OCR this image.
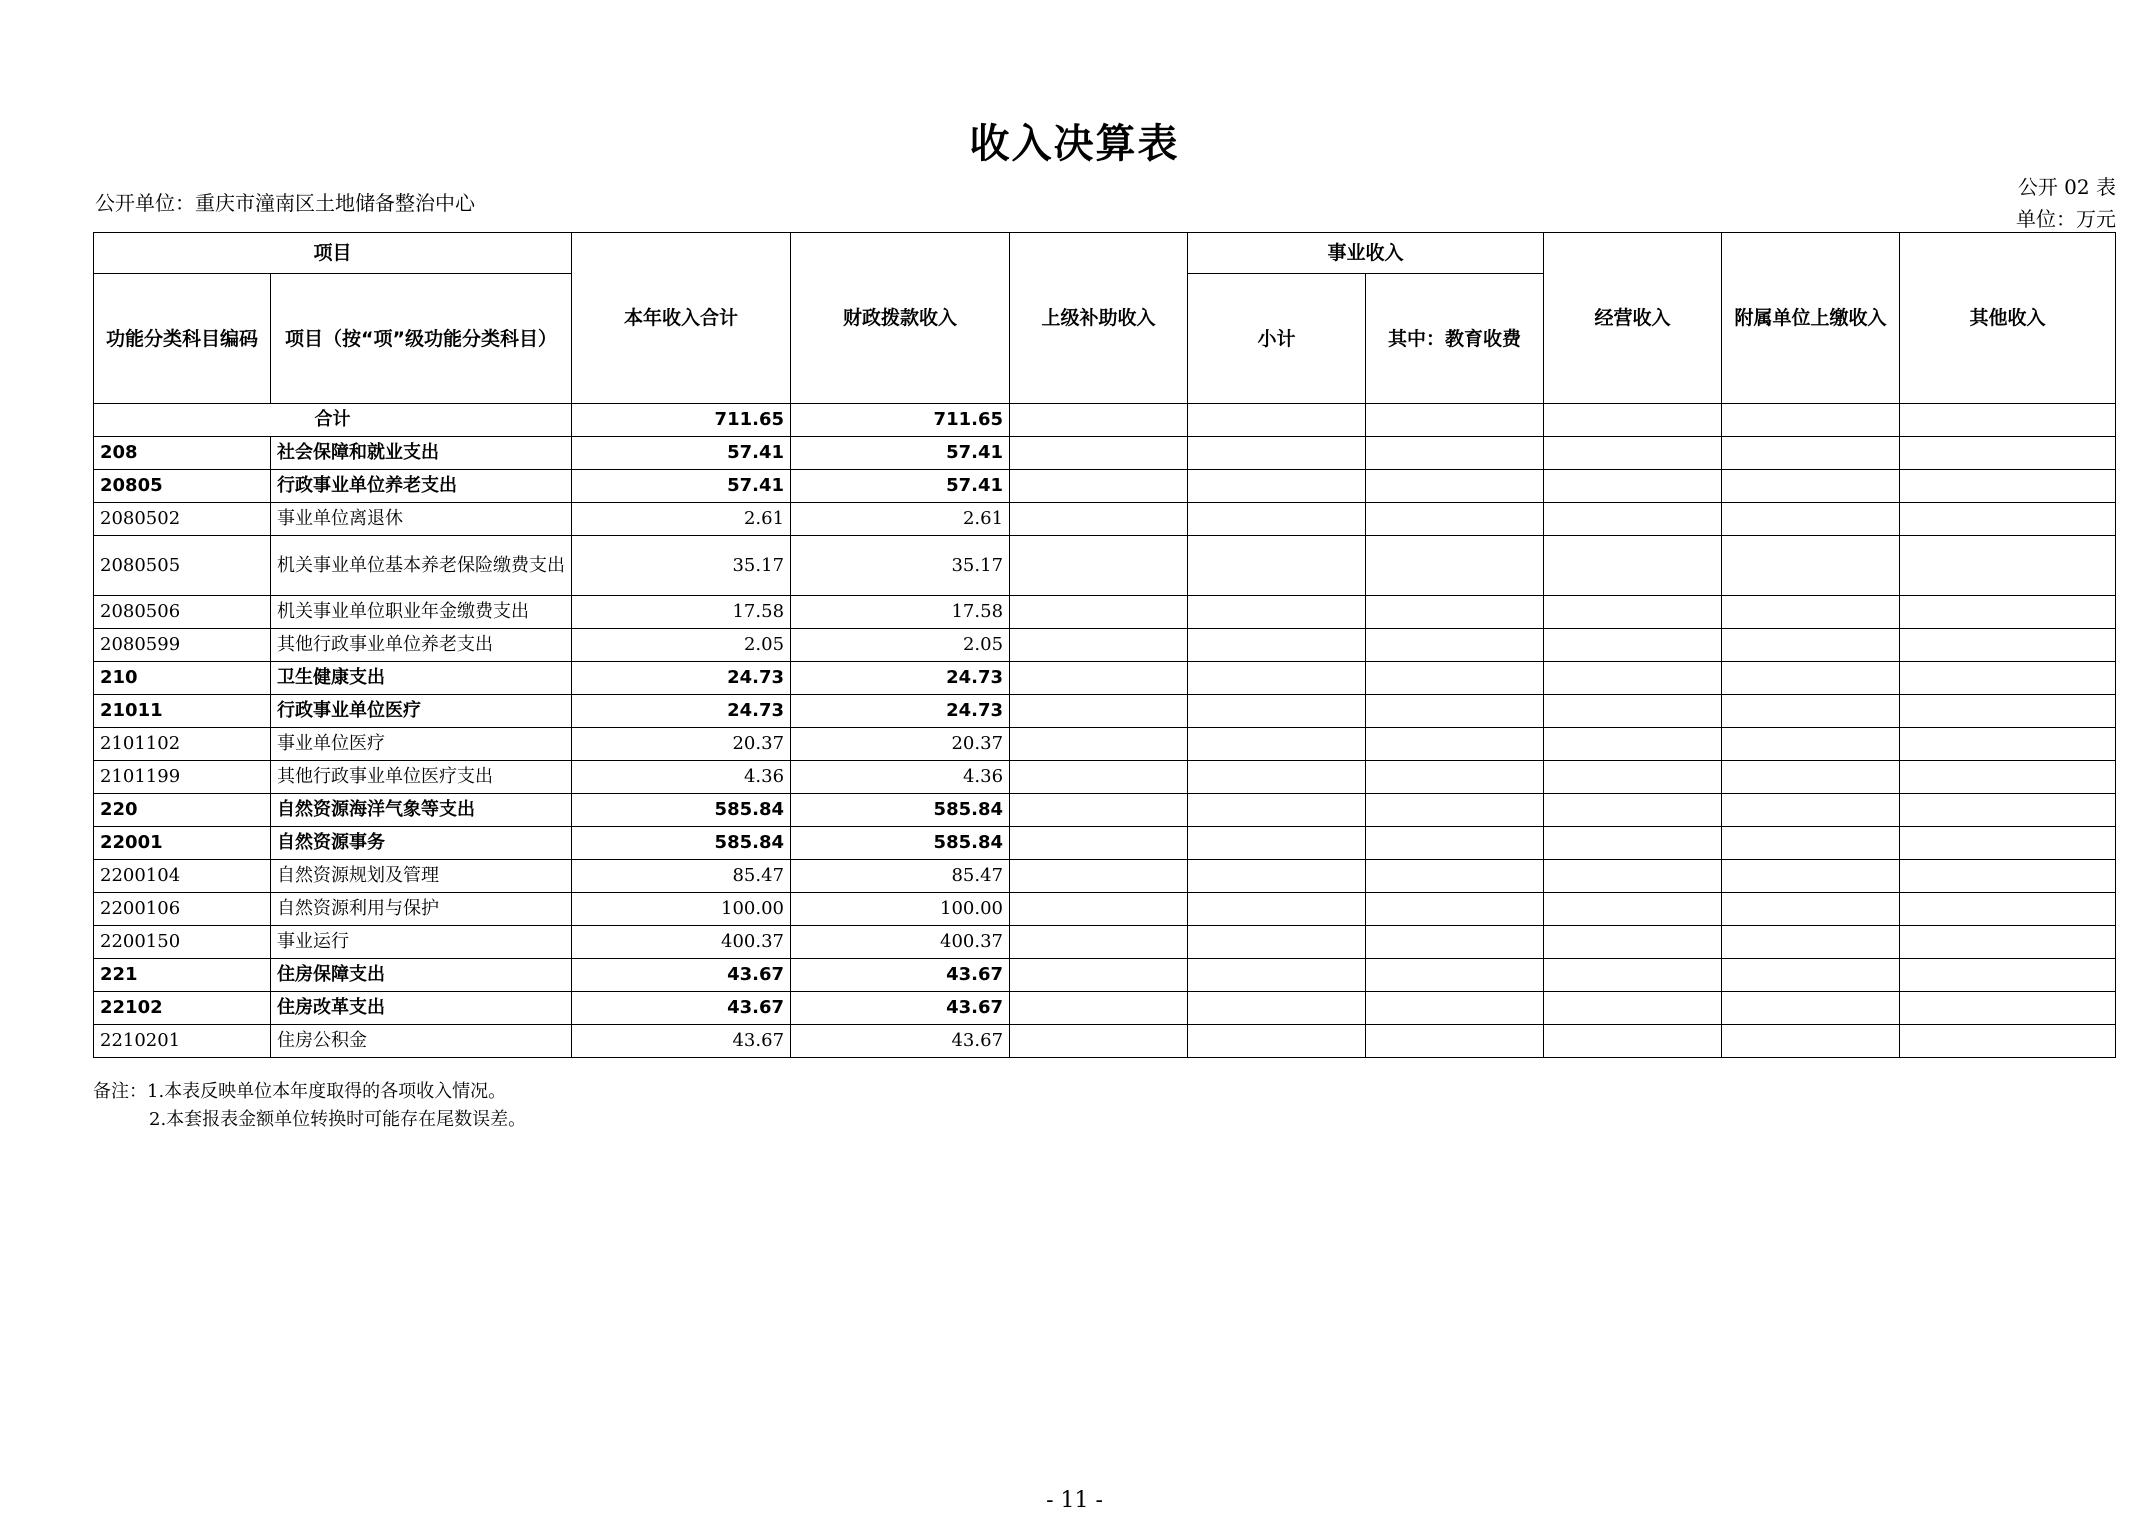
收入决算表
公开单位：重庆市潼南区土地储备整治中心
公开 02 表
单位：万元
项目		本年收入合计	财政拨款收入	上级补助收入	事业收入		经营收入	附属单位上缴收入	其他收入
功能分类科目编码	项目（按“项”级功能分类科目）				小计	其中：教育收费			
合计		711.65	711.65						
208	社会保障和就业支出	57.41	57.41						
20805	行政事业单位养老支出	57.41	57.41						
2080502	事业单位离退休	2.61	2.61						
2080505	机关事业单位基本养老保险缴费支出	35.17	35.17						
2080506	机关事业单位职业年金缴费支出	17.58	17.58						
2080599	其他行政事业单位养老支出	2.05	2.05						
210	卫生健康支出	24.73	24.73						
21011	行政事业单位医疗	24.73	24.73						
2101102	事业单位医疗	20.37	20.37						
2101199	其他行政事业单位医疗支出	4.36	4.36						
220	自然资源海洋气象等支出	585.84	585.84						
22001	自然资源事务	585.84	585.84						
2200104	自然资源规划及管理	85.47	85.47						
2200106	自然资源利用与保护	100.00	100.00						
2200150	事业运行	400.37	400.37						
221	住房保障支出	43.67	43.67						
22102	住房改革支出	43.67	43.67						
2210201	住房公积金	43.67	43.67						
备注：1.本表反映单位本年度取得的各项收入情况。
2.本套报表金额单位转换时可能存在尾数误差。
- 11 -
